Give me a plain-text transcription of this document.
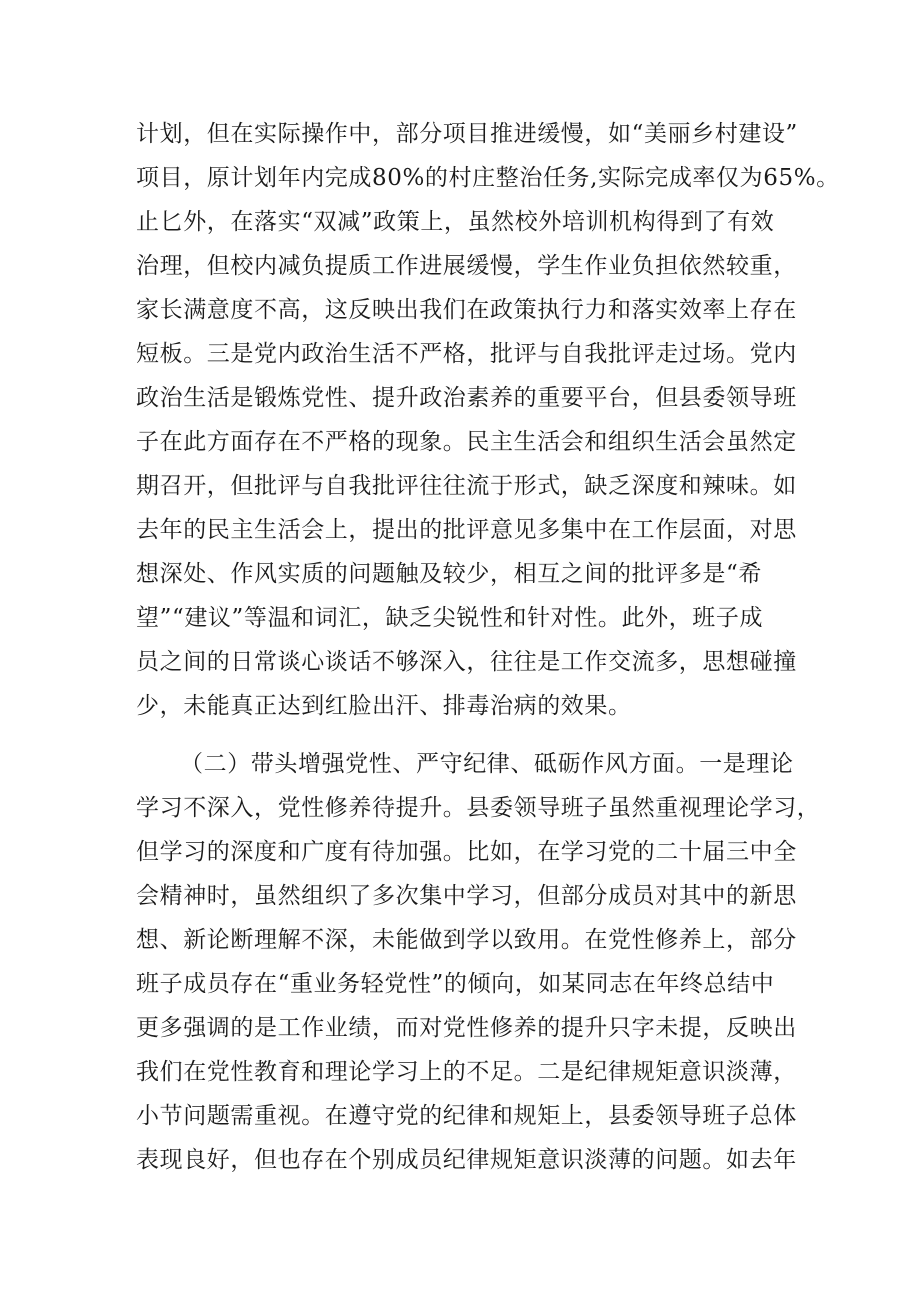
计划，但在实际操作中，部分项目推进缓慢，如“美丽乡村建设”
项目，原计划年内完成80%的村庄整治任务,实际完成率仅为65%。
止匕外，在落实“双减”政策上，虽然校外培训机构得到了有效
治理，但校内减负提质工作进展缓慢，学生作业负担依然较重，
家长满意度不高，这反映出我们在政策执行力和落实效率上存在
短板。三是党内政治生活不严格，批评与自我批评走过场。党内
政治生活是锻炼党性、提升政治素养的重要平台，但县委领导班
子在此方面存在不严格的现象。民主生活会和组织生活会虽然定
期召开，但批评与自我批评往往流于形式，缺乏深度和辣味。如
去年的民主生活会上，提出的批评意见多集中在工作层面，对思
想深处、作风实质的问题触及较少，相互之间的批评多是“希
望”“建议”等温和词汇，缺乏尖锐性和针对性。此外，班子成
员之间的日常谈心谈话不够深入，往往是工作交流多，思想碰撞
少，未能真正达到红脸出汗、排毒治病的效果。
（二）带头增强党性、严守纪律、砥砺作风方面。一是理论
学习不深入，党性修养待提升。县委领导班子虽然重视理论学习，
但学习的深度和广度有待加强。比如，在学习党的二十届三中全
会精神时，虽然组织了多次集中学习，但部分成员对其中的新思
想、新论断理解不深，未能做到学以致用。在党性修养上，部分
班子成员存在“重业务轻党性”的倾向，如某同志在年终总结中
更多强调的是工作业绩，而对党性修养的提升只字未提，反映出
我们在党性教育和理论学习上的不足。二是纪律规矩意识淡薄，
小节问题需重视。在遵守党的纪律和规矩上，县委领导班子总体
表现良好，但也存在个别成员纪律规矩意识淡薄的问题。如去年
